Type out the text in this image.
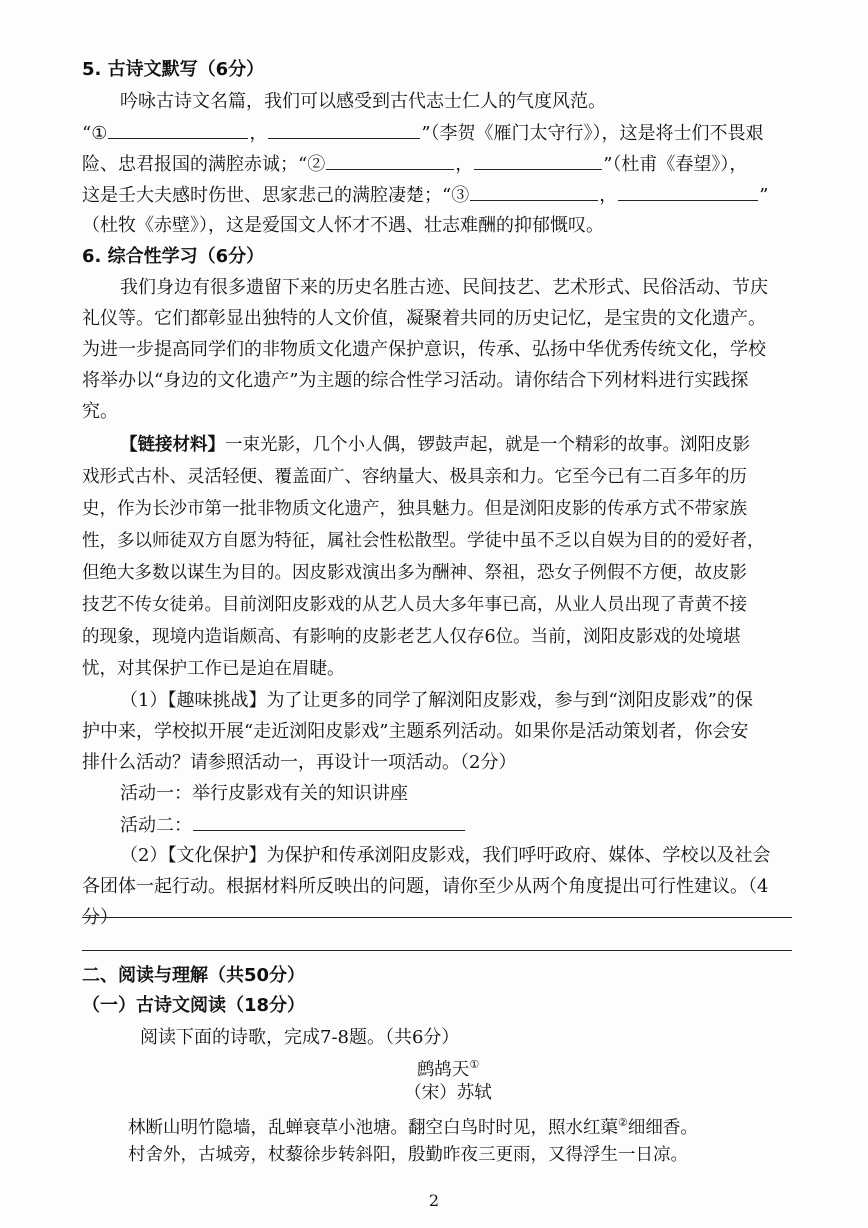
5. 古诗文默写（6分）
吟咏古诗文名篇，我们可以感受到古代志士仁人的气度风范。
“①	，	”（李贺《雁门太守行》），这是将士们不畏艰
险、忠君报国的满腔赤诚；“②	，	”（杜甫《春望》），
这是壬大夫感时伤世、思家悲己的满腔凄楚；“③	，	”
（杜牧《赤壁》），这是爱国文人怀才不遇、壮志难酬的抑郁慨叹。
6. 综合性学习（6分）
我们身边有很多遗留下来的历史名胜古迹、民间技艺、艺术形式、民俗活动、节庆
礼仪等。它们都彰显出独特的人文价值，凝聚着共同的历史记忆，是宝贵的文化遗产。
为进一步提高同学们的非物质文化遗产保护意识，传承、弘扬中华优秀传统文化，学校
将举办以“身边的文化遗产”为主题的综合性学习活动。请你结合下列材料进行实践探
究。
【链接材料】一束光影，几个小人偶，锣鼓声起，就是一个精彩的故事。浏阳皮影
戏形式古朴、灵活轻便、覆盖面广、容纳量大、极具亲和力。它至今已有二百多年的历
史，作为长沙市第一批非物质文化遗产，独具魅力。但是浏阳皮影的传承方式不带家族
性，多以师徒双方自愿为特征，属社会性松散型。学徒中虽不乏以自娱为目的的爱好者，
但绝大多数以谋生为目的。因皮影戏演出多为酬神、祭祖，恐女子例假不方便，故皮影
技艺不传女徒弟。目前浏阳皮影戏的从艺人员大多年事已高，从业人员出现了青黄不接
的现象，现境内造诣颇高、有影响的皮影老艺人仅存6位。当前，浏阳皮影戏的处境堪
忧，对其保护工作已是迫在眉睫。
（1）【趣味挑战】为了让更多的同学了解浏阳皮影戏，参与到“浏阳皮影戏”的保
护中来，学校拟开展“走近浏阳皮影戏”主题系列活动。如果你是活动策划者，你会安
排什么活动？请参照活动一，再设计一项活动。（2分）
活动一：举行皮影戏有关的知识讲座
活动二：
（2）【文化保护】为保护和传承浏阳皮影戏，我们呼吁政府、媒体、学校以及社会
各团体一起行动。根据材料所反映出的问题，请你至少从两个角度提出可行性建议。（4
分）
二、阅读与理解（共50分）
（一）古诗文阅读（18分）
阅读下面的诗歌，完成7-8题。（共6分）
鹧鸪天①
（宋）苏轼
林断山明竹隐墙，乱蝉衰草小池塘。翻空白鸟时时见，照水红蕖②细细香。
村舍外，古城旁，杖藜徐步转斜阳，殷勤昨夜三更雨，又得浮生一日凉。
2
